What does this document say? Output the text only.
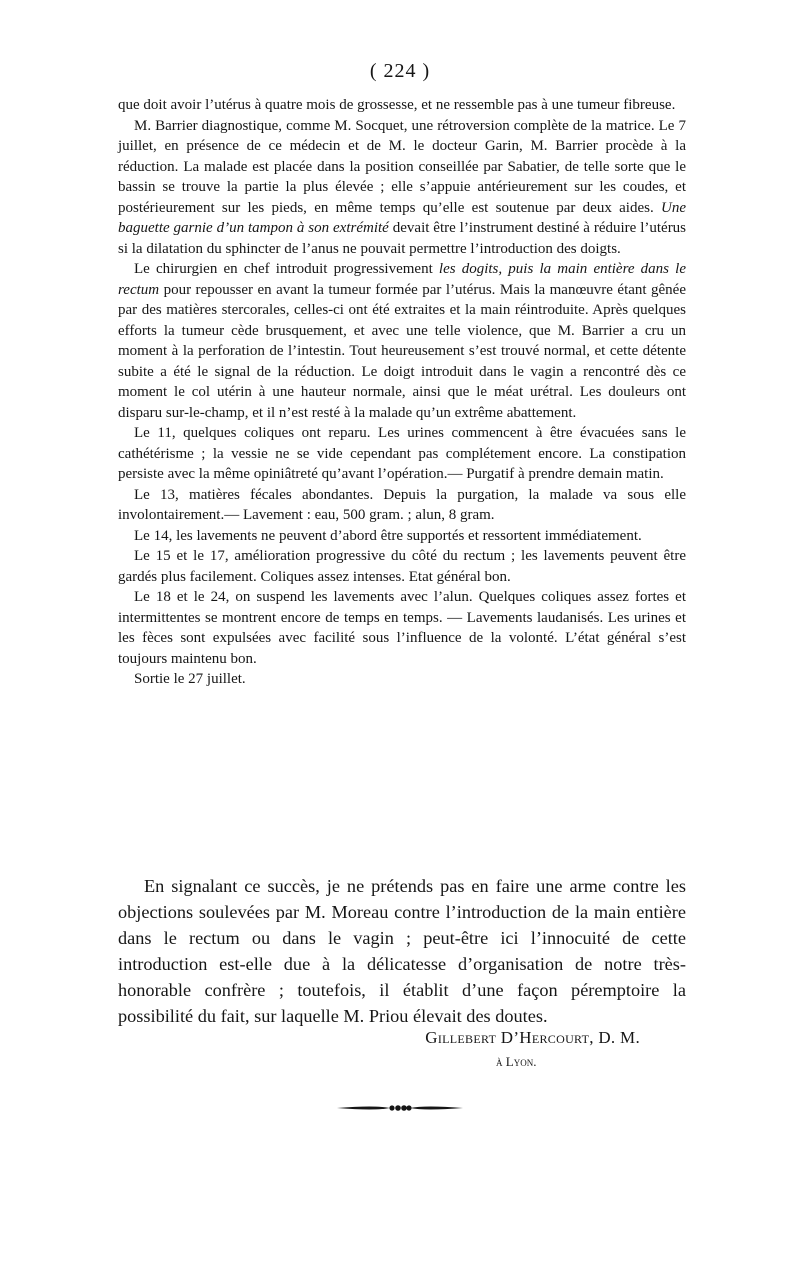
( 224 )

que doit avoir l’utérus à quatre mois de grossesse, et ne ressemble pas à une tumeur fibreuse.

M. Barrier diagnostique, comme M. Socquet, une rétroversion complète de la matrice. Le 7 juillet, en présence de ce médecin et de M. le docteur Garin, M. Barrier procède à la réduction. La malade est placée dans la position conseillée par Sabatier, de telle sorte que le bassin se trouve la partie la plus élevée ; elle s’appuie antérieurement sur les coudes, et postérieurement sur les pieds, en même temps qu’elle est soutenue par deux aides. Une baguette garnie d’un tampon à son extrémité devait être l’instrument destiné à réduire l’utérus si la dilatation du sphincter de l’anus ne pouvait permettre l’introduction des doigts.

Le chirurgien en chef introduit progressivement les dogits, puis la main entière dans le rectum pour repousser en avant la tumeur formée par l’utérus. Mais la manœuvre étant gênée par des matières stercorales, celles-ci ont été extraites et la main réintroduite. Après quelques efforts la tumeur cède brusquement, et avec une telle violence, que M. Barrier a cru un moment à la perforation de l’intestin. Tout heureusement s’est trouvé normal, et cette détente subite a été le signal de la réduction. Le doigt introduit dans le vagin a rencontré dès ce moment le col utérin à une hauteur normale, ainsi que le méat urétral. Les douleurs ont disparu sur-le-champ, et il n’est resté à la malade qu’un extrême abattement.

Le 11, quelques coliques ont reparu. Les urines commencent à être évacuées sans le cathétérisme ; la vessie ne se vide cependant pas complétement encore. La constipation persiste avec la même opiniâtreté qu’avant l’opération.— Purgatif à prendre demain matin.

Le 13, matières fécales abondantes. Depuis la purgation, la malade va sous elle involontairement.— Lavement : eau, 500 gram. ; alun, 8 gram.

Le 14, les lavements ne peuvent d’abord être supportés et ressortent immédiatement.

Le 15 et le 17, amélioration progressive du côté du rectum ; les lavements peuvent être gardés plus facilement. Coliques assez intenses. Etat général bon.

Le 18 et le 24, on suspend les lavements avec l’alun. Quelques coliques assez fortes et intermittentes se montrent encore de temps en temps. — Lavements laudanisés. Les urines et les fèces sont expulsées avec facilité sous l’influence de la volonté. L’état général s’est toujours maintenu bon.

Sortie le 27 juillet.

En signalant ce succès, je ne prétends pas en faire une arme contre les objections soulevées par M. Moreau contre l’introduction de la main entière dans le rectum ou dans le vagin ; peut-être ici l’innocuité de cette introduction est-elle due à la délicatesse d’organisation de notre très-honorable confrère ; toutefois, il établit d’une façon péremptoire la possibilité du fait, sur laquelle M. Priou élevait des doutes.

Gillebert D’Hercourt, D. M.
à Lyon.
